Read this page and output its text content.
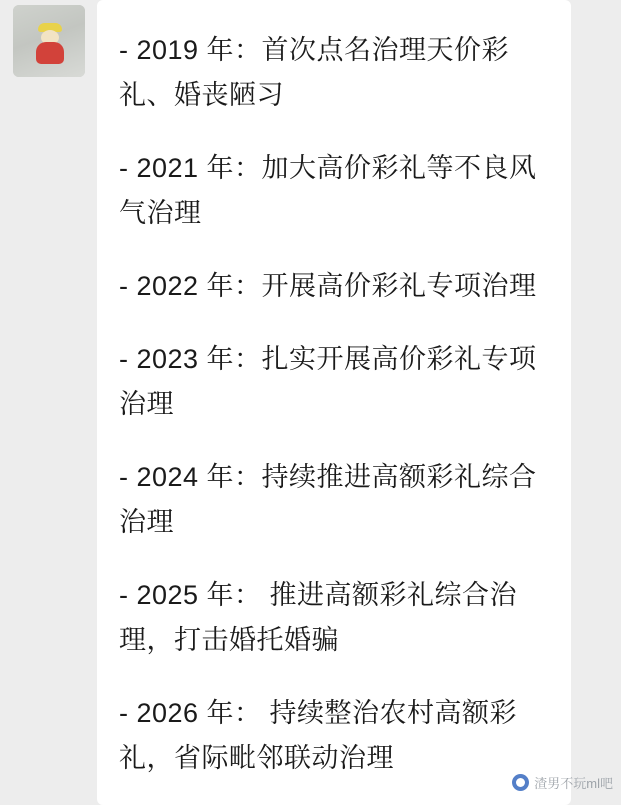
- 2019 年：首次点名治理天价彩礼、婚丧陋习

- 2021 年：加大高价彩礼等不良风气治理

- 2022 年：开展高价彩礼专项治理

- 2023 年：扎实开展高价彩礼专项治理

- 2024 年：持续推进高额彩礼综合治理

- 2025 年： 推进高额彩礼综合治理，打击婚托婚骗

- 2026 年： 持续整治农村高额彩礼，省际毗邻联动治理

渣男不玩ml吧
